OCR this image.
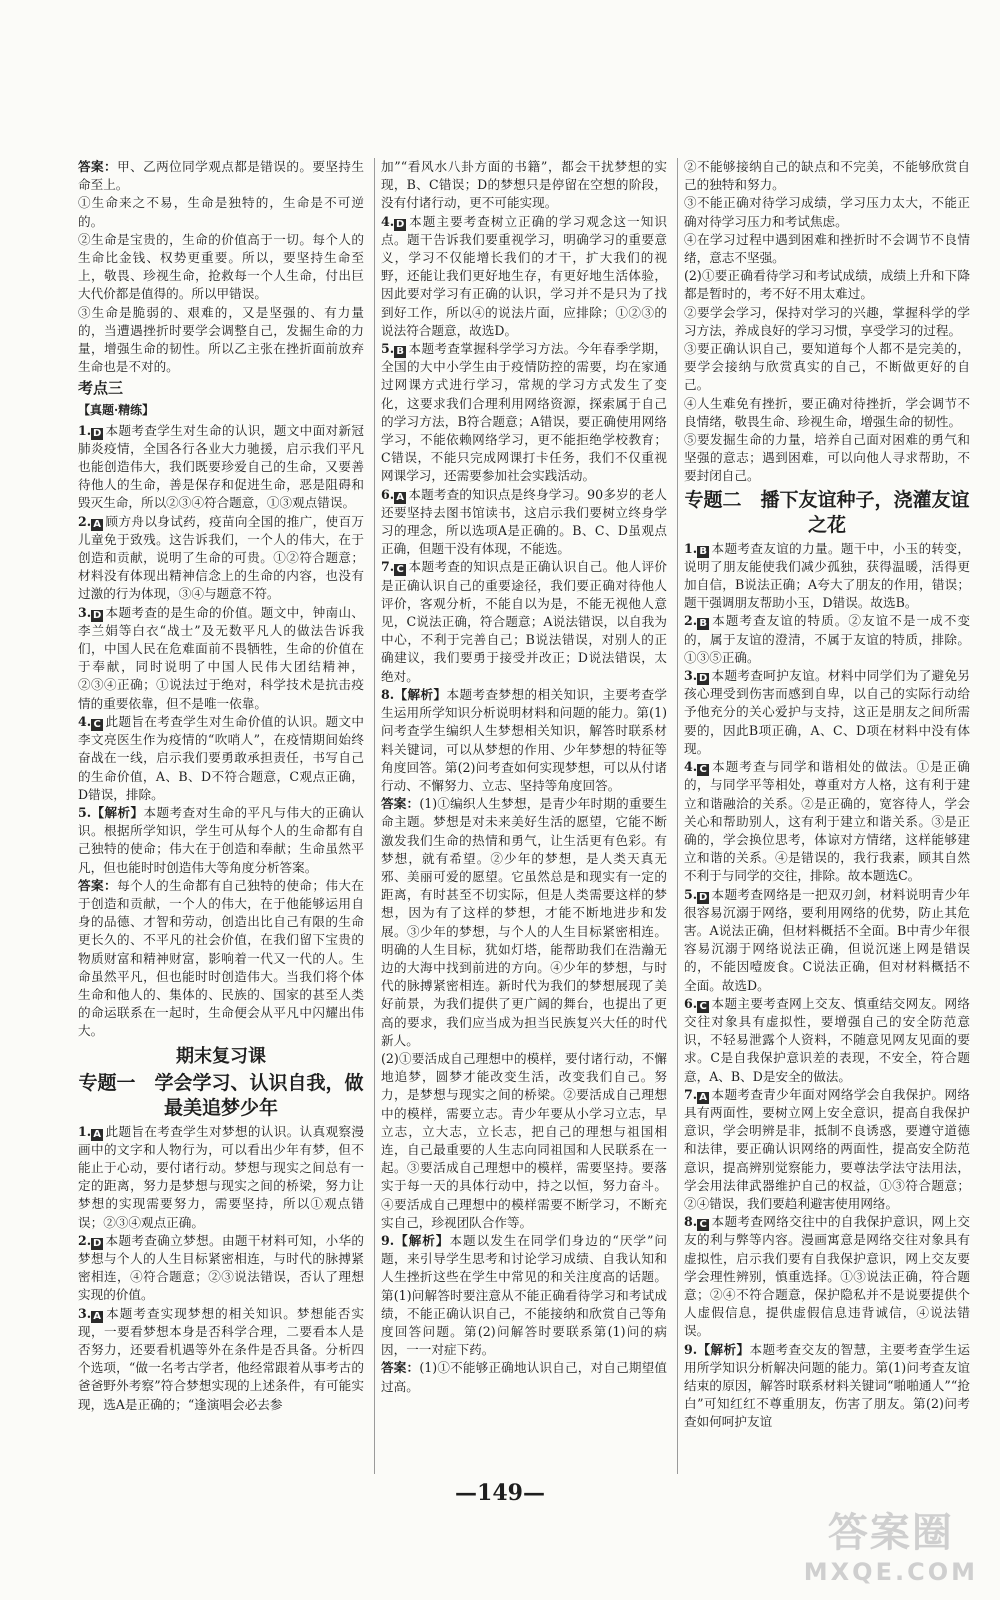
答案：甲、乙两位同学观点都是错误的。要坚持生命至上。

①生命来之不易，生命是独特的，生命是不可逆的。

②生命是宝贵的，生命的价值高于一切。每个人的生命比金钱、权势更重要。所以，要坚持生命至上，敬畏、珍视生命，抢救每一个人生命，付出巨大代价都是值得的。所以甲错误。

③生命是脆弱的、艰难的，又是坚强的、有力量的，当遭遇挫折时要学会调整自己，发掘生命的力量，增强生命的韧性。所以乙主张在挫折面前放弃生命也是不对的。

考点三
【真题·精练】

1. D 本题考查学生对生命的认识，题文中面对新冠肺炎疫情，全国各行各业大力驰援，启示我们平凡也能创造伟大，我们既要珍爱自己的生命，又要善待他人的生命，善是保存和促进生命，恶是阻碍和毁灭生命，所以②③④符合题意，①③观点错误。

2. A 顾方舟以身试药，疫苗向全国的推广，使百万儿童免于致残。这告诉我们，一个人的伟大，在于创造和贡献，说明了生命的可贵。①②符合题意；材料没有体现出精神信念上的生命的内容，也没有过激的行为体现，③④与题意不符。

3. D 本题考查的是生命的价值。题文中，钟南山、李兰娟等白衣“战士”及无数平凡人的做法告诉我们，中国人民在危难面前不畏牺牲，生命的价值在于奉献，同时说明了中国人民伟大团结精神，②③④正确；①说法过于绝对，科学技术是抗击疫情的重要依靠，但不是唯一依靠。

4. C 此题旨在考查学生对生命价值的认识。题文中李文亮医生作为疫情的“吹哨人”，在疫情期间始终奋战在一线，启示我们要勇敢承担责任，书写自己的生命价值，A、B、D不符合题意，C观点正确，D错误，排除。

5.【解析】本题考查对生命的平凡与伟大的正确认识。根据所学知识，学生可从每个人的生命都有自己独特的使命；伟大在于创造和奉献；生命虽然平凡，但也能时时创造伟大等角度分析答案。

答案：每个人的生命都有自己独特的使命；伟大在于创造和贡献，一个人的伟大，在于他能够运用自身的品德、才智和劳动，创造出比自己有限的生命更长久的、不平凡的社会价值，在我们留下宝贵的物质财富和精神财富，影响着一代又一代的人。生命虽然平凡，但也能时时创造伟大。当我们将个体生命和他人的、集体的、民族的、国家的甚至人类的命运联系在一起时，生命便会从平凡中闪耀出伟大。

期末复习课
专题一　学会学习、认识自我，做最美追梦少年

1. A 此题旨在考查学生对梦想的认识。认真观察漫画中的文字和人物行为，可以看出少年有梦，但不能止于心动，要付诸行动。梦想与现实之间总有一定的距离，努力是梦想与现实之间的桥梁，努力让梦想的实现需要努力，需要坚持，所以①观点错误；②③④观点正确。

2. D 本题考查确立梦想。由题干材料可知，小华的梦想与个人的人生目标紧密相连，与时代的脉搏紧密相连，④符合题意；②③说法错误，否认了理想实现的价值。

3. A 本题考查实现梦想的相关知识。梦想能否实现，一要看梦想本身是否科学合理，二要看本人是否努力，还要看机遇等外在条件是否具备。分析四个选项，“做一名考古学者，他经常跟着从事考古的爸爸野外考察”符合梦想实现的上述条件，有可能实现，选A是正确的；“逢演唱会必去参

加”“看风水八卦方面的书籍”，都会干扰梦想的实现，B、C错误；D的梦想只是停留在空想的阶段，没有付诸行动，更不可能实现。

4. D 本题主要考查树立正确的学习观念这一知识点。题干告诉我们要重视学习，明确学习的重要意义，学习不仅能增长我们的才干，扩大我们的视野，还能让我们更好地生存，有更好地生活体验，因此要对学习有正确的认识，学习并不是只为了找到好工作，所以④的说法片面，应排除；①②③的说法符合题意，故选D。

5. B 本题考查掌握科学学习方法。今年春季学期，全国的大中小学生由于疫情防控的需要，均在家通过网课方式进行学习，常规的学习方式发生了变化，这要求我们合理利用网络资源，探索属于自己的学习方法，B符合题意；A错误，要正确使用网络学习，不能依赖网络学习，更不能拒绝学校教育；C错误，不能只完成网课打卡任务，我们不仅重视网课学习，还需要参加社会实践活动。

6. A 本题考查的知识点是终身学习。90多岁的老人还要坚持去图书馆读书，这启示我们要树立终身学习的理念，所以选项A是正确的。B、C、D虽观点正确，但题干没有体现，不能选。

7. C 本题考查的知识点是正确认识自己。他人评价是正确认识自己的重要途径，我们要正确对待他人评价，客观分析，不能自以为是，不能无视他人意见，C说法正确，符合题意；A说法错误，以自我为中心，不利于完善自己；B说法错误，对别人的正确建议，我们要勇于接受并改正；D说法错误，太绝对。

8.【解析】本题考查梦想的相关知识，主要考查学生运用所学知识分析说明材料和问题的能力。第(1)问考查学生编织人生梦想相关知识，解答时联系材料关键词，可以从梦想的作用、少年梦想的特征等角度回答。第(2)问考查如何实现梦想，可以从付诸行动、不懈努力、立志、坚持等角度回答。

答案：(1)①编织人生梦想，是青少年时期的重要生命主题。梦想是对未来美好生活的愿望，它能不断激发我们生命的热情和勇气，让生活更有色彩。有梦想，就有希望。②少年的梦想，是人类天真无邪、美丽可爱的愿望。它虽然总是和现实有一定的距离，有时甚至不切实际，但是人类需要这样的梦想，因为有了这样的梦想，才能不断地进步和发展。③少年的梦想，与个人的人生目标紧密相连。明确的人生目标，犹如灯塔，能帮助我们在浩瀚无边的大海中找到前进的方向。④少年的梦想，与时代的脉搏紧密相连。新时代为我们的梦想展现了美好前景，为我们提供了更广阔的舞台，也提出了更高的要求，我们应当成为担当民族复兴大任的时代新人。

(2)①要活成自己理想中的模样，要付诸行动，不懈地追梦，圆梦才能改变生活，改变我们自己。努力，是梦想与现实之间的桥梁。②要活成自己理想中的模样，需要立志。青少年要从小学习立志，早立志，立大志，立长志，把自己的理想与祖国相连，自己最重要的人生志向同祖国和人民联系在一起。③要活成自己理想中的模样，需要坚持。要落实于每一天的具体行动中，持之以恒，努力奋斗。④要活成自己理想中的模样需要不断学习，不断充实自己，珍视团队合作等。

9.【解析】本题以发生在同学们身边的“厌学”问题，来引导学生思考和讨论学习成绩、自我认知和人生挫折这些在学生中常见的和关注度高的话题。第(1)问解答时要注意从不能正确看待学习和考试成绩，不能正确认识自己，不能接纳和欣赏自己等角度回答问题。第(2)问解答时要联系第(1)问的病因，一一对症下药。

答案：(1)①不能够正确地认识自己，对自己期望值过高。

②不能够接纳自己的缺点和不完美，不能够欣赏自己的独特和努力。

③不能正确对待学习成绩，学习压力太大，不能正确对待学习压力和考试焦虑。

④在学习过程中遇到困难和挫折时不会调节不良情绪，意志不坚强。

(2)①要正确看待学习和考试成绩，成绩上升和下降都是暂时的，考不好不用太难过。

②要学会学习，保持对学习的兴趣，掌握科学的学习方法，养成良好的学习习惯，享受学习的过程。

③要正确认识自己，要知道每个人都不是完美的，要学会接纳与欣赏真实的自己，不断做更好的自己。

④人生难免有挫折，要正确对待挫折，学会调节不良情绪，敬畏生命、珍视生命，增强生命的韧性。

⑤要发掘生命的力量，培养自己面对困难的勇气和坚强的意志；遇到困难，可以向他人寻求帮助，不要封闭自己。

专题二　播下友谊种子，浇灌友谊之花

1. B 本题考查友谊的力量。题干中，小玉的转变，说明了朋友能使我们减少孤独，获得温暖，活得更加自信，B说法正确；A夸大了朋友的作用，错误；题干强调朋友帮助小玉，D错误。故选B。

2. B 本题考查友谊的特质。②友谊不是一成不变的，属于友谊的澄清，不属于友谊的特质，排除。①③⑤正确。

3. D 本题考查呵护友谊。材料中同学们为了避免另孩心理受到伤害而感到自卑，以自己的实际行动给予他充分的关心爱护与支持，这正是朋友之间所需要的，因此B项正确，A、C、D项在材料中没有体现。

4. C 本题考查与同学和谐相处的做法。①是正确的，与同学平等相处，尊重对方人格，这有利于建立和谐融洽的关系。②是正确的，宽容待人，学会关心和帮助别人，这有利于建立和谐关系。③是正确的，学会换位思考，体谅对方情绪，这样能够建立和谐的关系。④是错误的，我行我素，顾其自然不利于与同学的交往，排除。故本题选C。

5. D 本题考查网络是一把双刃剑，材料说明青少年很容易沉溺于网络，要利用网络的优势，防止其危害。A说法正确，但材料概括不全面。B中青少年很容易沉溺于网络说法正确，但说沉迷上网是错误的，不能因噎废食。C说法正确，但对材料概括不全面。故选D。

6. C 本题主要考查网上交友、慎重结交网友。网络交往对象具有虚拟性，要增强自己的安全防范意识，不轻易泄露个人资料，不随意见网友见面的要求。C是自我保护意识差的表现，不安全，符合题意，A、B、D是安全的做法。

7. A 本题考查青少年面对网络学会自我保护。网络具有两面性，要树立网上安全意识，提高自我保护意识，学会明辨是非，抵制不良诱惑，要遵守道德和法律，要正确认识网络的两面性，提高安全防范意识，提高辨别觉察能力，要尊法学法守法用法，学会用法律武器维护自己的权益，①③符合题意；②④错误，我们要趋利避害使用网络。

8. C 本题考查网络交往中的自我保护意识，网上交友的利与弊等内容。漫画寓意是网络交往对象具有虚拟性，启示我们要有自我保护意识，网上交友要学会理性辨别，慎重选择。①③说法正确，符合题意；②④不符合题意，保护隐私并不是说要提供个人虚假信息，提供虚假信息违背诚信，④说法错误。

9.【解析】本题考查交友的智慧，主要考查学生运用所学知识分析解决问题的能力。第(1)问考查友谊结束的原因，解答时联系材料关键词“啪啪通人”“抢白”可知红红不尊重朋友，伤害了朋友。第(2)问考查如何呵护友谊

—149—
答案圈
MXQE.COM
